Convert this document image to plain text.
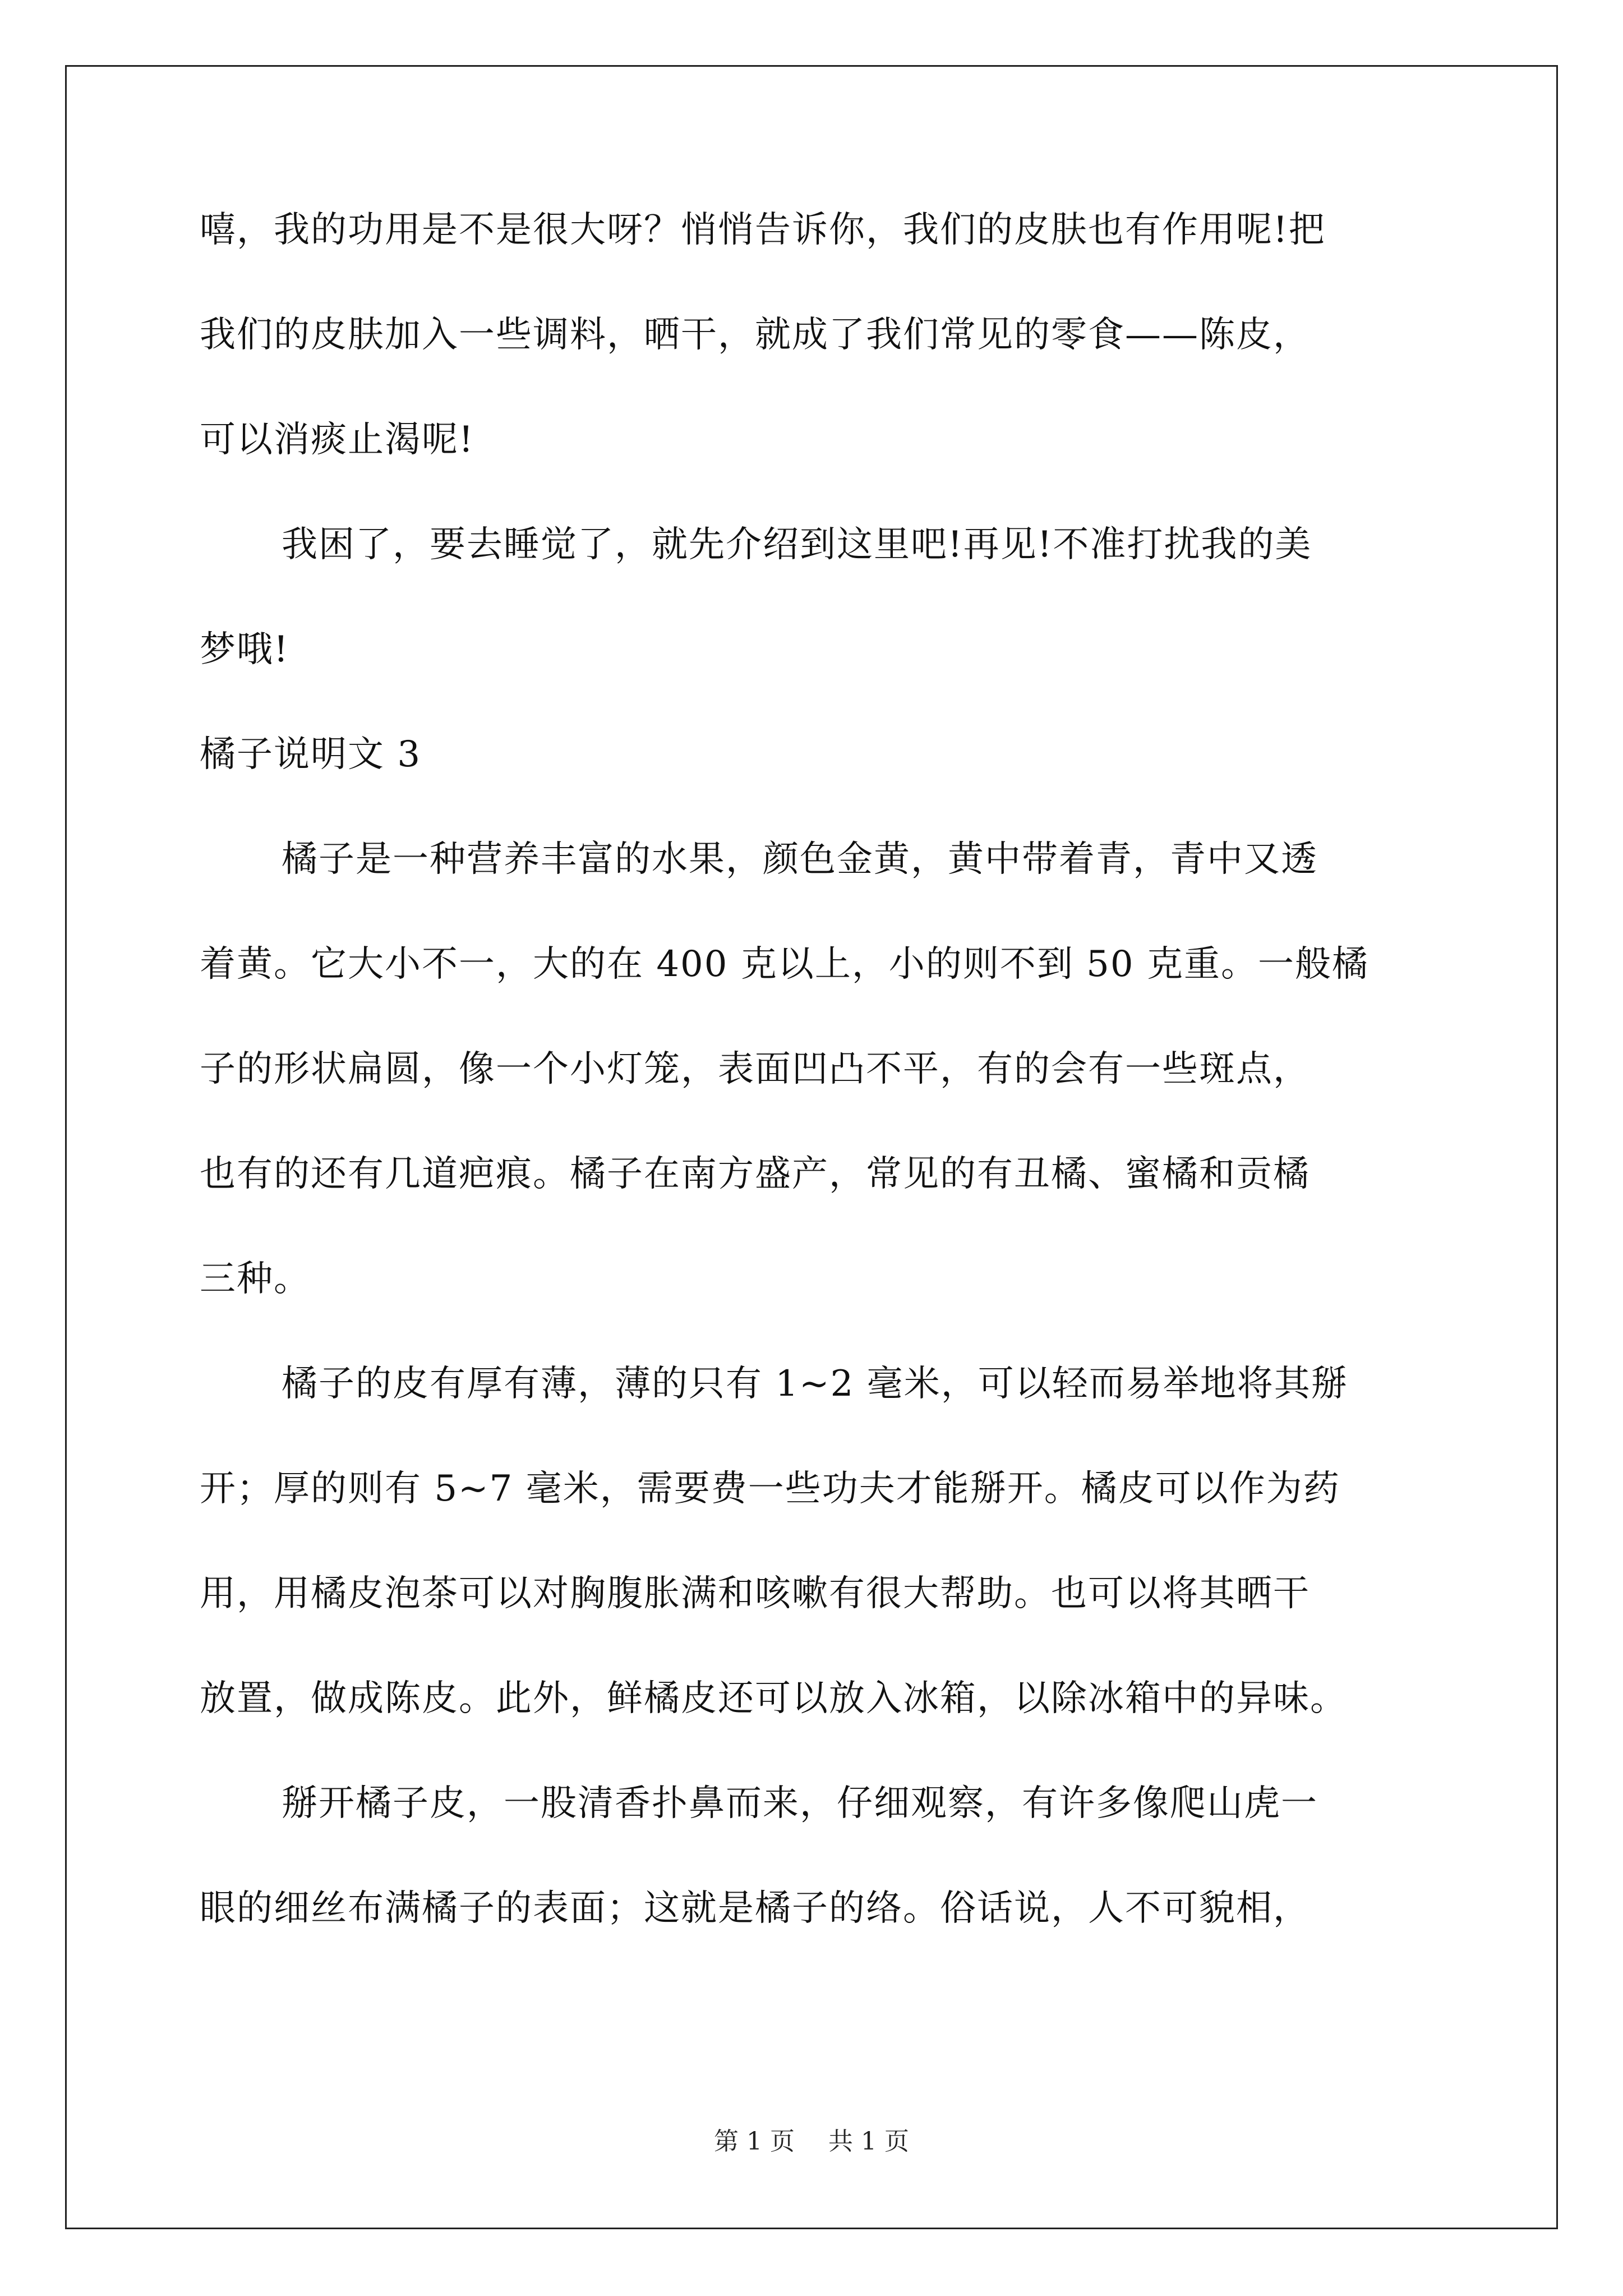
嘻，我的功用是不是很大呀？悄悄告诉你，我们的皮肤也有作用呢!把
我们的皮肤加入一些调料，晒干，就成了我们常见的零食——陈皮，
可以消痰止渴呢!
我困了，要去睡觉了，就先介绍到这里吧!再见!不准打扰我的美
梦哦!
橘子说明文 3
橘子是一种营养丰富的水果，颜色金黄，黄中带着青，青中又透
着黄。它大小不一，大的在 400 克以上，小的则不到 50 克重。一般橘
子的形状扁圆，像一个小灯笼，表面凹凸不平，有的会有一些斑点，
也有的还有几道疤痕。橘子在南方盛产，常见的有丑橘、蜜橘和贡橘
三种。
橘子的皮有厚有薄，薄的只有 1~2 毫米，可以轻而易举地将其掰
开；厚的则有 5~7 毫米，需要费一些功夫才能掰开。橘皮可以作为药
用，用橘皮泡茶可以对胸腹胀满和咳嗽有很大帮助。也可以将其晒干
放置，做成陈皮。此外，鲜橘皮还可以放入冰箱，以除冰箱中的异味。
掰开橘子皮，一股清香扑鼻而来，仔细观察，有许多像爬山虎一
眼的细丝布满橘子的表面；这就是橘子的络。俗话说，人不可貌相，
第 1 页 共 1 页
